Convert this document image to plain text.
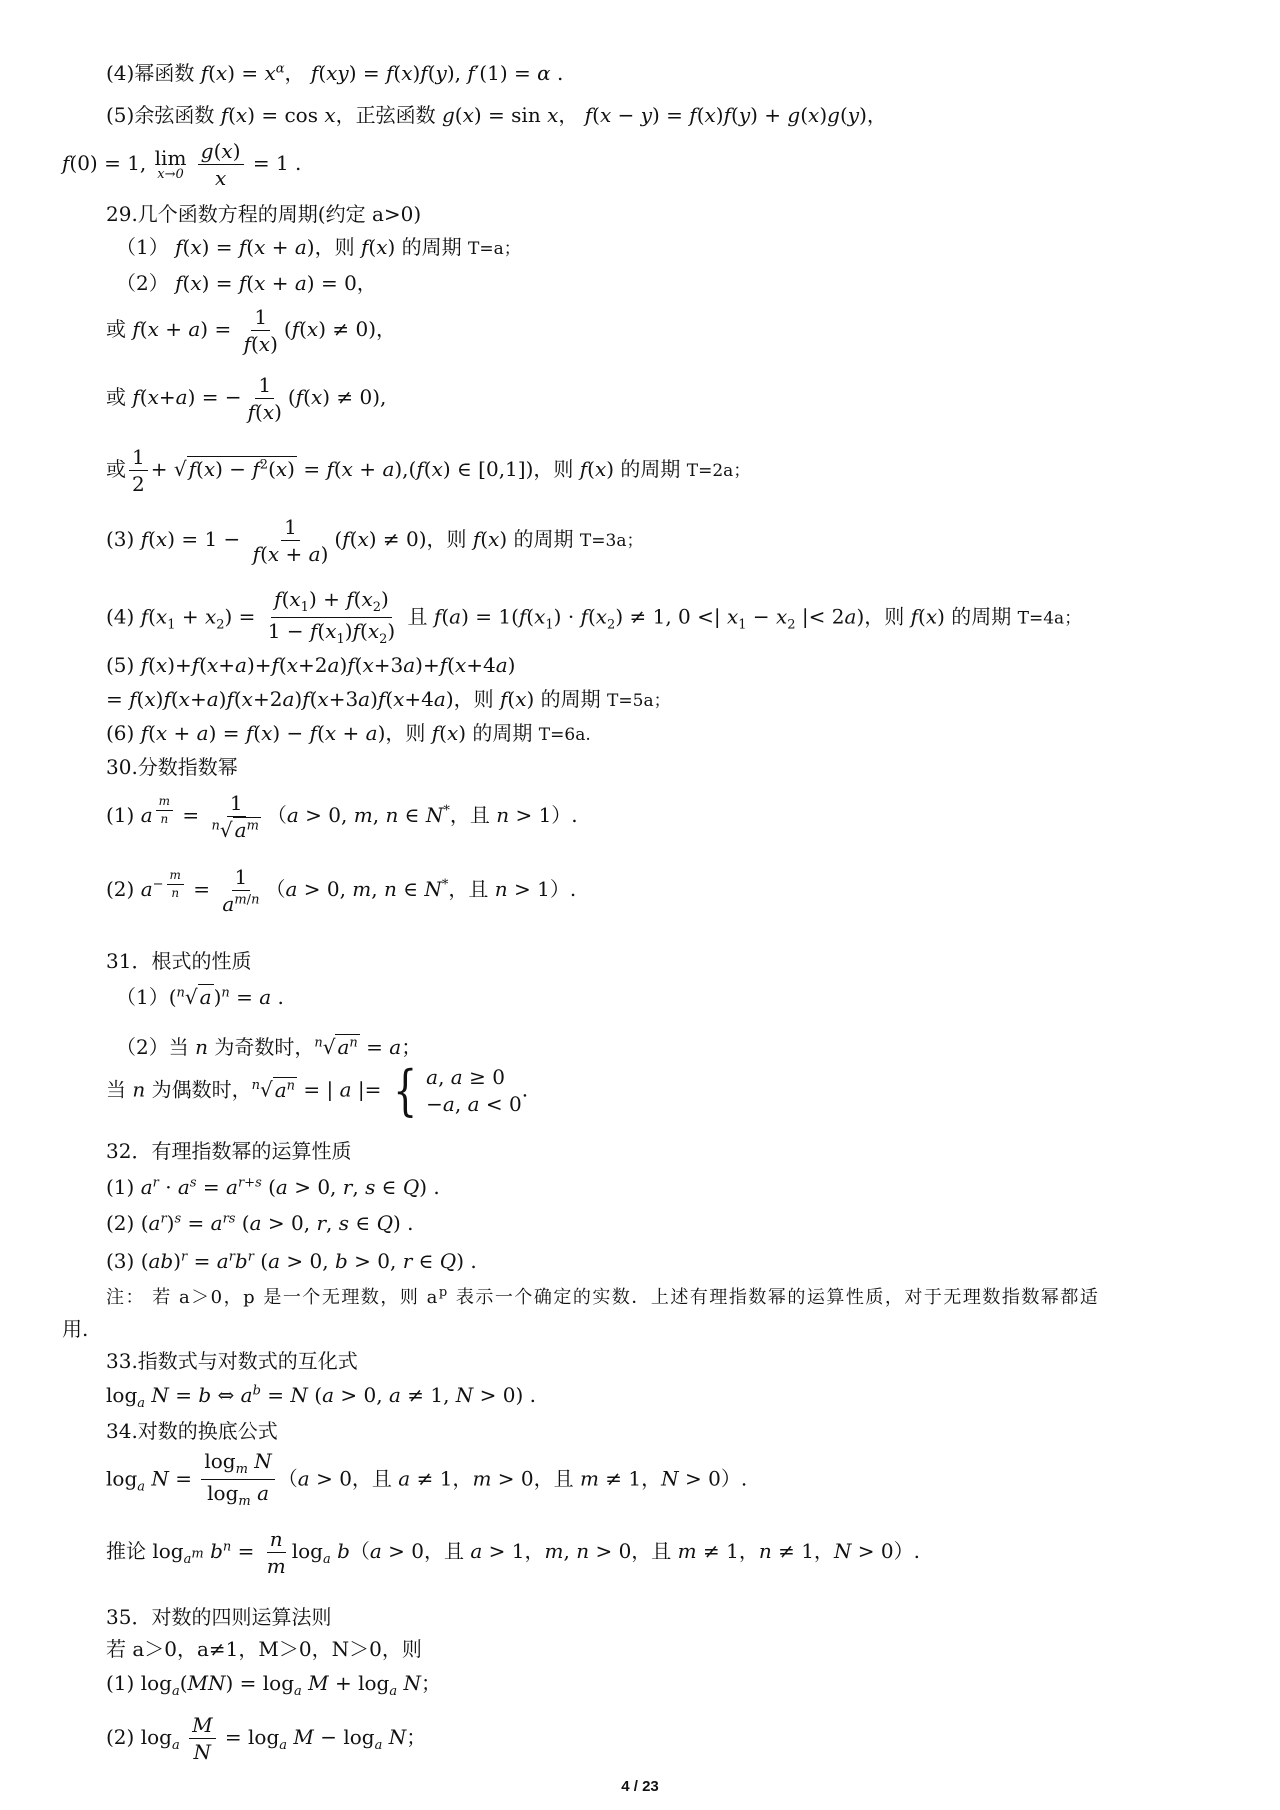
(4)幂函数 $f(x) = x^\alpha$， f(xy) = f(x)f(y), f′(1) = α .
(5)余弦函数 f(x) = cos x，正弦函数 g(x) = sin x， f(x − y) = f(x)f(y) + g(x)g(y)，
f(0) = 1, lim
x→0
$\frac{g(x)}{x} = 1$ .
29.几个函数方程的周期(约定 a>0)
（1） f(x) = f(x + a)，则 f(x) 的周期 T=a；
（2） f(x) = f(x + a) = 0，
或 $f(x + a) = \frac{1}{f(x)} (f(x) \ne 0)$，
或 f(x+a) = − $\frac{1}{f(x)} (f(x) \ne 0)$,
或 $\frac{1}{2}$ + √ $f(x) - f^2(x) = f(x + a),(f(x)$ ∈ [0,1])，则 f(x) 的周期 T=2a；
(3) $f(x) = 1 - \frac{1}{f(x + a)} (f(x) \ne 0)$，则 f(x) 的周期 T=3a；
(4) $f(x_1 + x_2) = \frac{f(x_1) + f(x_2)}{1 - f(x_1)f(x_2)}$ 且 $f(a) = 1(f(x_1) \cdot f(x_2) \ne 1$, 0 <| $x_1 - x_2$ |< 2a)，则 f(x) 的周期 T=4a；
(5) f(x)+f(x+a)+f(x+2a)f(x+3a)+f(x+4a)
= f(x)f(x+a)f(x+2a)f(x+3a)f(x+4a)，则 f(x) 的周期 T=5a；
(6) f(x + a) = f(x) − f(x + a)，则 f(x) 的周期 T=6a.
30.分数指数幂
(1) a $^{\frac{m}{n}} = \frac{1}{^n√ a^m} (a > 0$, m, n ∈ N*，且 n > 1）.
(2) $a^{- \frac{m}{n}} = \frac{1}{a^{m/n}} (a > 0$, m, n ∈ N*，且 n > 1）.
31．根式的性质
（1）($^n$√ a )$^n$ = a .
（2）当 n 为奇数时，$^n$√ $a^n = a$；
当 n 为偶数时，$^n$√ $a^n$ = | a |= { a, a ≥ 0
−a, a < 0
.
32．有理指数幂的运算性质
(1) $a^r \cdot a^s = a^{r+s}$ (a > 0, r, s ∈ Q) .
(2) $(a^r)^s = a^{rs}$ (a > 0, r, s ∈ Q) .
(3) $(ab)^r = a^rb^r$ (a > 0, b > 0, r ∈ Q) .
注： 若 a＞0，p 是一个无理数，则 $a^p$ 表示一个确定的实数．上述有理指数幂的运算性质，对于无理数指数幂都适
用.
33.指数式与对数式的互化式
$\log_a N = b$ ⇔ $a^b = N$ (a > 0, a ≠ 1, N > 0) .
34.对数的换底公式
$\log_a N = \frac{\log_m N}{\log_m a} (a > 0$，且 a ≠ 1，m > 0，且 m ≠ 1，N > 0）.
推论 $\log_{a^m} b^n = \frac{n}{m} \log_a b(a > 0$，且 a > 1，m, n > 0，且 m ≠ 1，n ≠ 1，N > 0）.
35．对数的四则运算法则
若 a＞0，a≠1，M＞0，N＞0，则
(1) $\log_a(MN) = \log_a M + \log_a N$；
(2) $\log_a \frac{M}{N} = \log_a M - \log_a N$；
4 / 23
